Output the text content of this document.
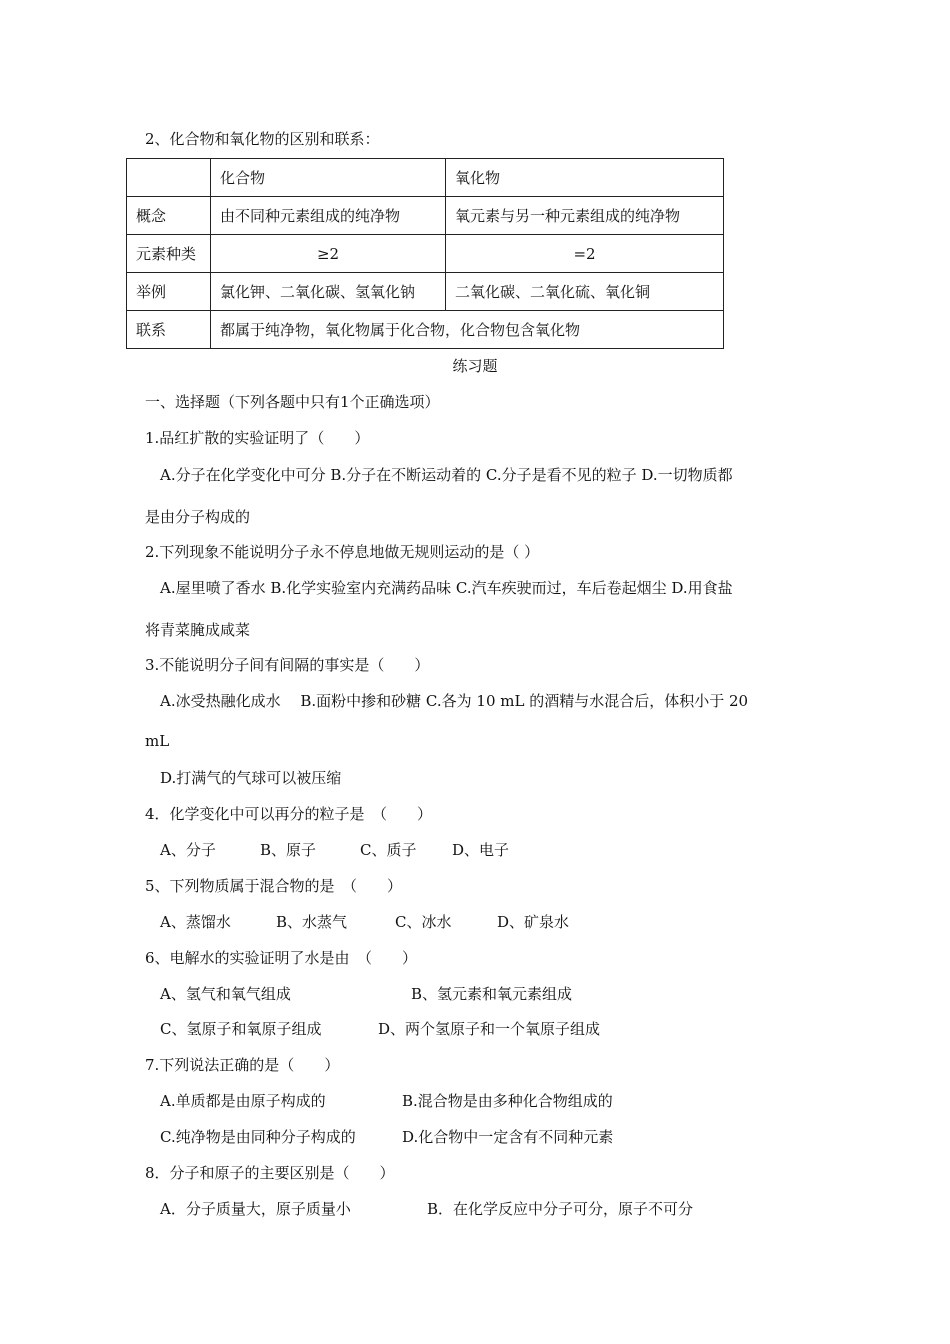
2、化合物和氧化物的区别和联系：
	化合物	氧化物
概念	由不同种元素组成的纯净物	氧元素与另一种元素组成的纯净物
元素种类	≥2	=2
举例	氯化钾、二氧化碳、氢氧化钠	二氧化碳、二氧化硫、氧化铜
联系	都属于纯净物，氧化物属于化合物，化合物包含氧化物	
练习题
一、选择题（下列各题中只有1个正确选项）
1.品红扩散的实验证明了（　　）
A.分子在化学变化中可分 B.分子在不断运动着的 C.分子是看不见的粒子 D.一切物质都
是由分子构成的
2.下列现象不能说明分子永不停息地做无规则运动的是（ ）
A.屋里喷了香水 B.化学实验室内充满药品味 C.汽车疾驶而过，车后卷起烟尘 D.用食盐
将青菜腌成咸菜
3.不能说明分子间有间隔的事实是（　　）
A.冰受热融化成水　 B.面粉中掺和砂糖 C.各为 10 mL 的酒精与水混合后，体积小于 20
mL
D.打满气的气球可以被压缩
4．化学变化中可以再分的粒子是　（　　）
A、分子	B、原子	C、质子 D、电子
5、下列物质属于混合物的是　（　　）
A、蒸馏水	B、水蒸气	C、冰水	D、矿泉水
6、电解水的实验证明了水是由　（　　）
A、氢气和氧气组成	B、氢元素和氧元素组成
C、氢原子和氧原子组成	D、两个氢原子和一个氧原子组成
7.下列说法正确的是（　　）
A.单质都是由原子构成的	B.混合物是由多种化合物组成的
C.纯净物是由同种分子构成的	D.化合物中一定含有不同种元素
8．分子和原子的主要区别是（　　）
A．分子质量大，原子质量小	B．在化学反应中分子可分，原子不可分
